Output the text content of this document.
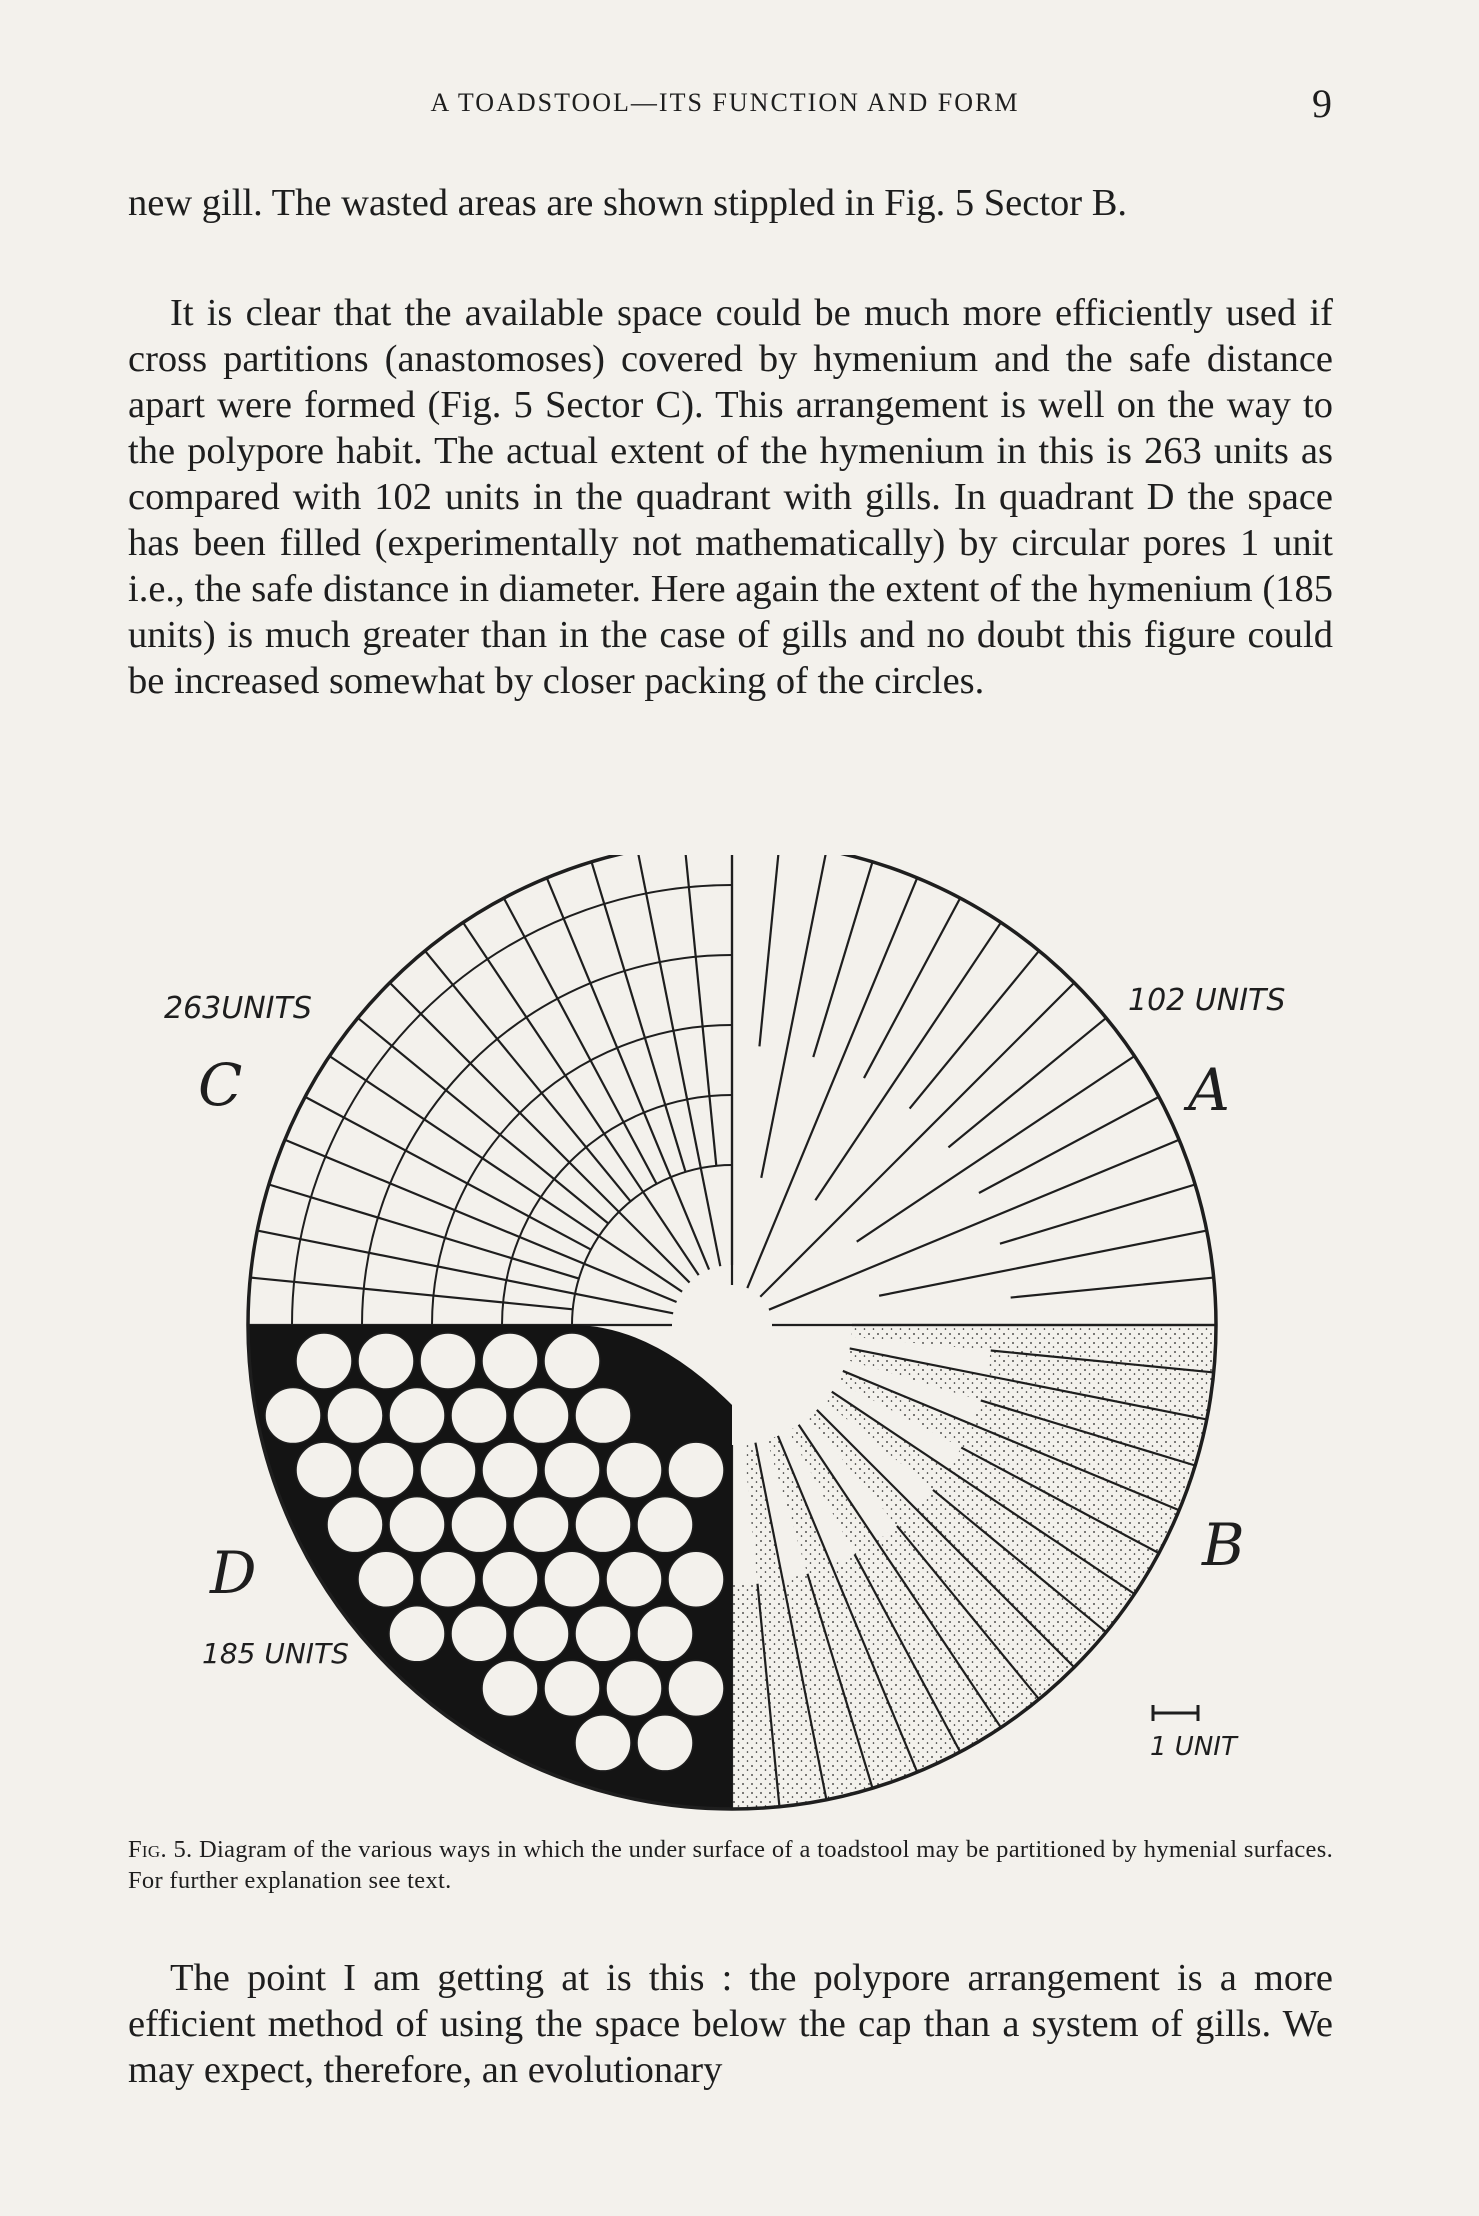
A TOADSTOOL—ITS FUNCTION AND FORM	9

new gill. The wasted areas are shown stippled in Fig. 5 Sector B.

It is clear that the available space could be much more efficiently used if cross partitions (anastomoses) covered by hymenium and the safe distance apart were formed (Fig. 5 Sector C). This arrangement is well on the way to the polypore habit. The actual extent of the hymenium in this is 263 units as compared with 102 units in the quadrant with gills. In quadrant D the space has been filled (experimentally not mathematically) by circular pores 1 unit i.e., the safe distance in diameter. Here again the extent of the hymenium (185 units) is much greater than in the case of gills and no doubt this figure could be increased somewhat by closer packing of the circles.

263UNITS
C
102 UNITS
A
B
D
185 UNITS
1 UNIT

Fig. 5. Diagram of the various ways in which the under surface of a toadstool may be partitioned by hymenial surfaces. For further explanation see text.

The point I am getting at is this : the polypore arrangement is a more efficient method of using the space below the cap than a system of gills. We may expect, therefore, an evolutionary
